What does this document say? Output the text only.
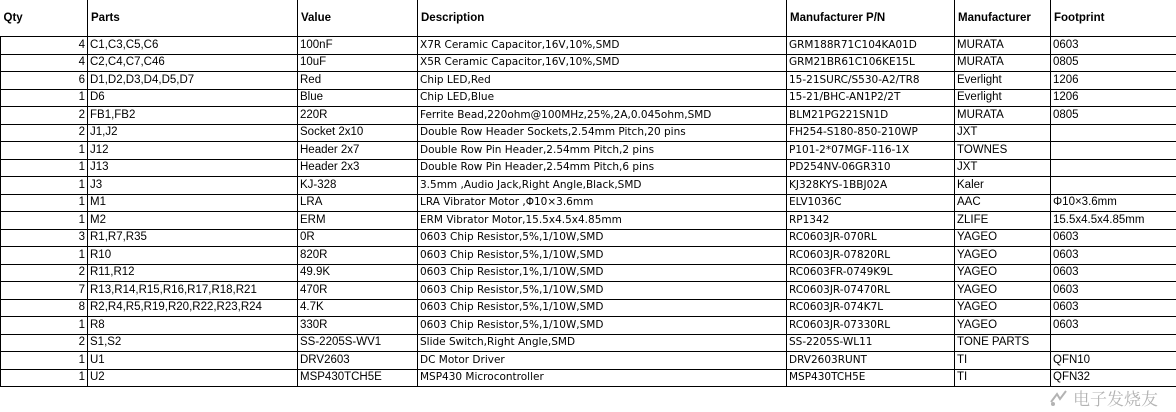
Qty	Parts	Value	Description	Manufacturer P/N	Manufacturer	Footprint
4	C1,C3,C5,C6	100nF	X7R Ceramic Capacitor,16V,10%,SMD	GRM188R71C104KA01D	MURATA	0603
4	C2,C4,C7,C46	10uF	X5R Ceramic Capacitor,16V,10%,SMD	GRM21BR61C106KE15L	MURATA	0805
6	D1,D2,D3,D4,D5,D7	Red	Chip LED,Red	15-21SURC/S530-A2/TR8	Everlight	1206
1	D6	Blue	Chip LED,Blue	15-21/BHC-AN1P2/2T	Everlight	1206
2	FB1,FB2	220R	Ferrite Bead,220ohm@100MHz,25%,2A,0.045ohm,SMD	BLM21PG221SN1D	MURATA	0805
2	J1,J2	Socket 2x10	Double Row Header Sockets,2.54mm Pitch,20 pins	FH254-S180-850-210WP	JXT	
1	J12	Header 2x7	Double Row Pin Header,2.54mm Pitch,2 pins	P101-2*07MGF-116-1X	TOWNES	
1	J13	Header 2x3	Double Row Pin Header,2.54mm Pitch,6 pins	PD254NV-06GR310	JXT	
1	J3	KJ-328	3.5mm ,Audio Jack,Right Angle,Black,SMD	KJ328KYS-1BBJ02A	Kaler	
1	M1	LRA	LRA Vibrator Motor ,Φ10×3.6mm	ELV1036C	AAC	Φ10×3.6mm
1	M2	ERM	ERM Vibrator Motor,15.5x4.5x4.85mm	RP1342	ZLIFE	15.5x4.5x4.85mm
3	R1,R7,R35	0R	0603 Chip Resistor,5%,1/10W,SMD	RC0603JR-070RL	YAGEO	0603
1	R10	820R	0603 Chip Resistor,5%,1/10W,SMD	RC0603JR-07820RL	YAGEO	0603
2	R11,R12	49.9K	0603 Chip Resistor,1%,1/10W,SMD	RC0603FR-0749K9L	YAGEO	0603
7	R13,R14,R15,R16,R17,R18,R21	470R	0603 Chip Resistor,5%,1/10W,SMD	RC0603JR-07470RL	YAGEO	0603
8	R2,R4,R5,R19,R20,R22,R23,R24	4.7K	0603 Chip Resistor,5%,1/10W,SMD	RC0603JR-074K7L	YAGEO	0603
1	R8	330R	0603 Chip Resistor,5%,1/10W,SMD	RC0603JR-07330RL	YAGEO	0603
2	S1,S2	SS-2205S-WV1	Slide Switch,Right Angle,SMD	SS-2205S-WL11	TONE PARTS	
1	U1	DRV2603	DC Motor Driver	DRV2603RUNT	TI	QFN10
1	U2	MSP430TCH5E	MSP430 Microcontroller	MSP430TCH5E	TI	QFN32
电子发烧友
